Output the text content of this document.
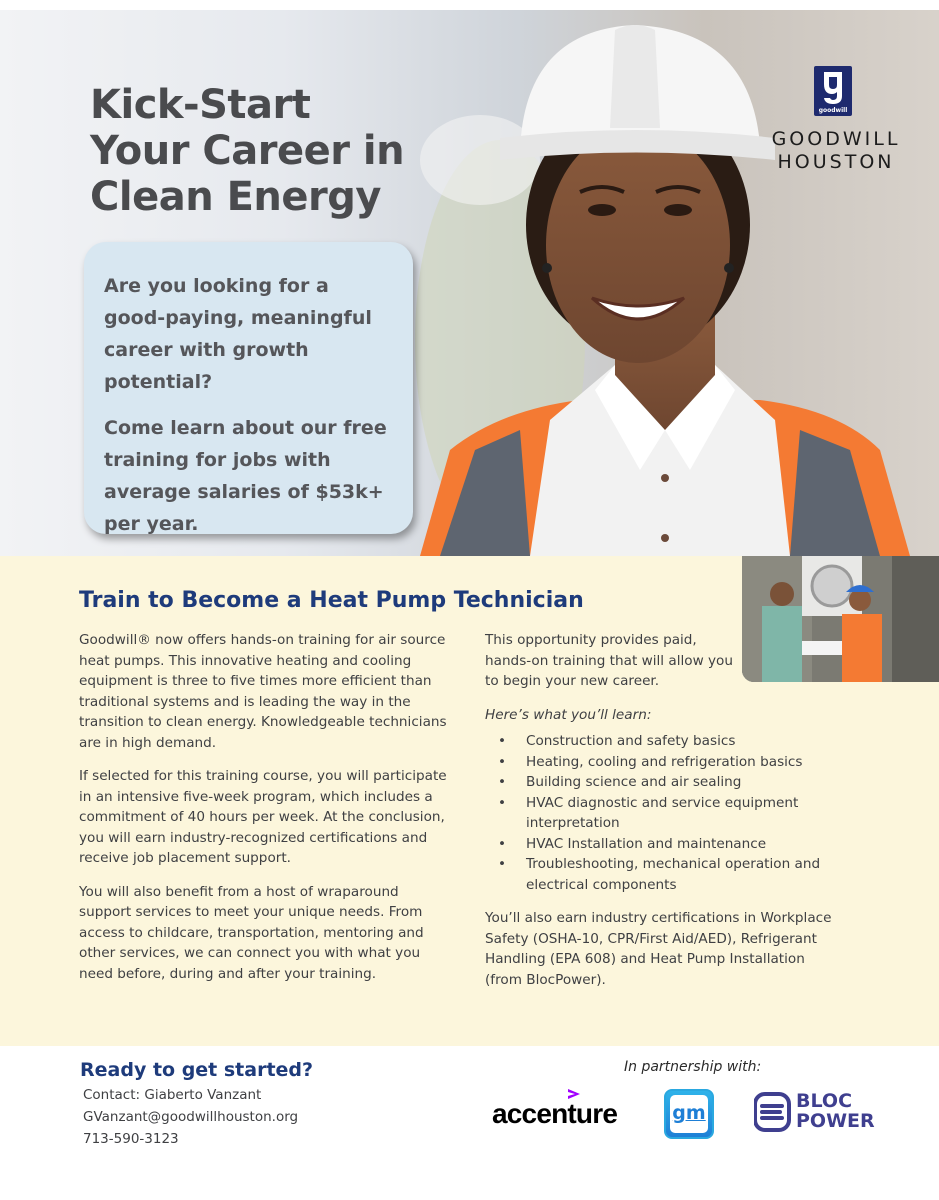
Kick-Start
Your Career in
Clean Energy
goodwill
GOODWILL
HOUSTON

Are you looking for a good-paying, meaningful career with growth potential?

Come learn about our free training for jobs with average salaries of $53k+ per year.

Train to Become a Heat Pump Technician

Goodwill® now offers hands-on training for air source heat pumps. This innovative heating and cooling equipment is three to five times more efficient than traditional systems and is leading the way in the transition to clean energy. Knowledgeable technicians are in high demand.

If selected for this training course, you will participate in an intensive five-week program, which includes a commitment of 40 hours per week. At the conclusion, you will earn industry-recognized certifications and receive job placement support.

You will also benefit from a host of wraparound support services to meet your unique needs. From access to childcare, transportation, mentoring and other services, we can connect you with what you need before, during and after your training.

This opportunity provides paid, hands-on training that will allow you to begin your new career.

Here’s what you’ll learn:

• Construction and safety basics
• Heating, cooling and refrigeration basics
• Building science and air sealing
• HVAC diagnostic and service equipment interpretation
• HVAC Installation and maintenance
• Troubleshooting, mechanical operation and electrical components

You’ll also earn industry certifications in Workplace Safety (OSHA-10, CPR/First Aid/AED), Refrigerant Handling (EPA 608) and Heat Pump Installation (from BlocPower).

Ready to get started?
Contact: Giaberto Vanzant
GVanzant@goodwillhouston.org
713-590-3123
In partnership with:
accenture	gm
BLOC
POWER
